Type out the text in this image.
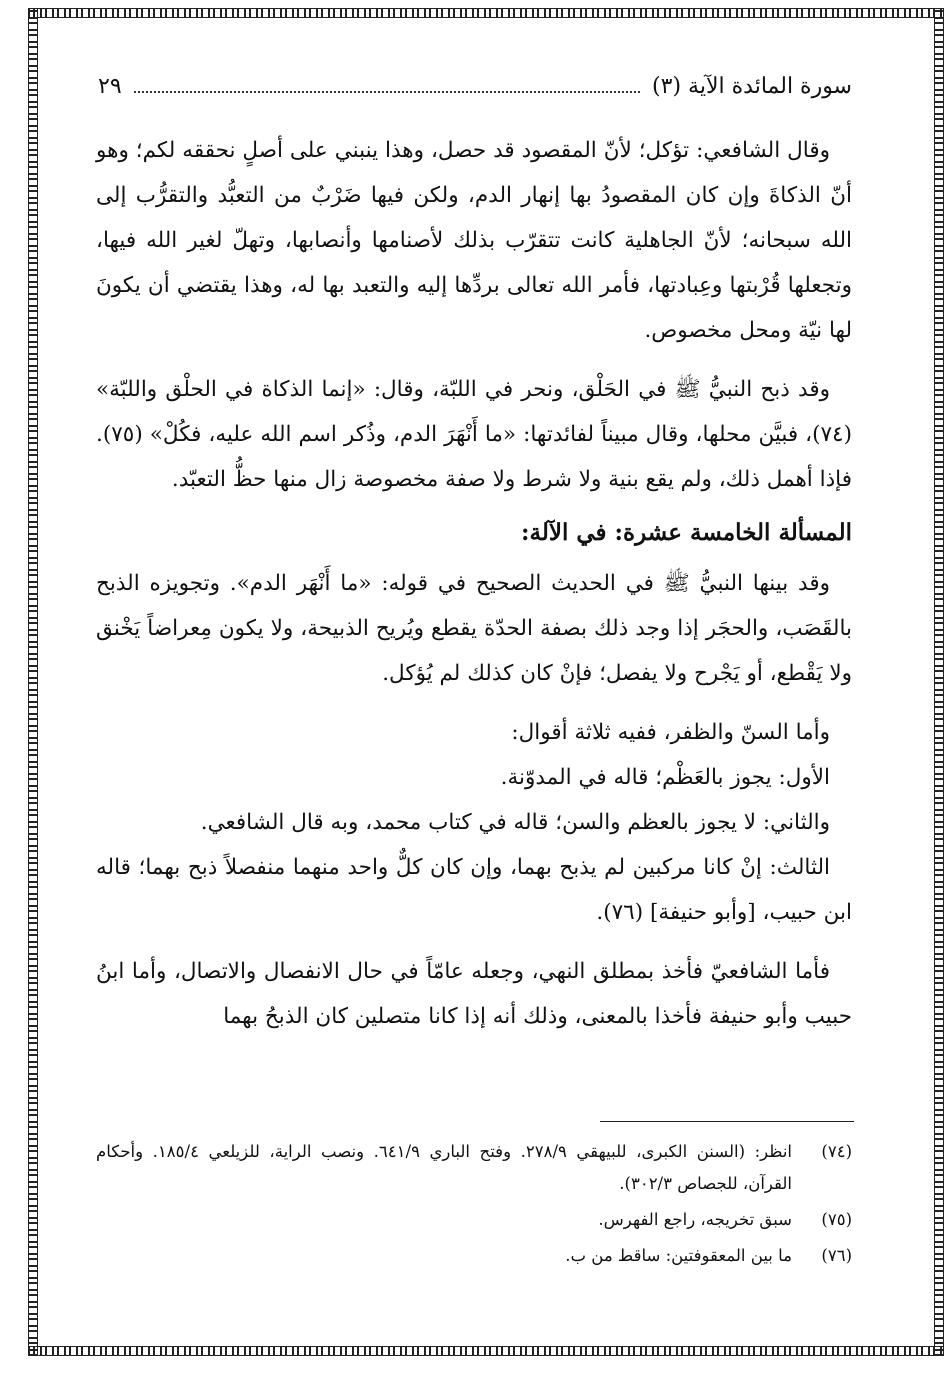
سورة المائدة الآية (٣)
٢٩

وقال الشافعي: تؤكل؛ لأنّ المقصود قد حصل، وهذا ينبني على أصلٍ نحققه لكم؛ وهو أنّ الذكاةَ وإن كان المقصودُ بها إنهار الدم، ولكن فيها ضَرْبٌ من التعبُّد والتقرُّب إلى الله سبحانه؛ لأنّ الجاهلية كانت تتقرّب بذلك لأصنامها وأنصابها، وتهلّ لغير الله فيها، وتجعلها قُرْبتها وعِبادتها، فأمر الله تعالى بردِّها إليه والتعبد بها له، وهذا يقتضي أن يكونَ لها نيّة ومحل مخصوص.

وقد ذبح النبيُّ ﷺ في الحَلْق، ونحر في اللبّة، وقال: «إنما الذكاة في الحلْق واللبّة» (٧٤)، فبيَّن محلها، وقال مبيناً لفائدتها: «ما أَنْهَرَ الدم، وذُكر اسم الله عليه، فكُلْ» (٧٥). فإذا أهمل ذلك، ولم يقع بنية ولا شرط ولا صفة مخصوصة زال منها حظُّ التعبّد.

المسألة الخامسة عشرة: في الآلة:

وقد بينها النبيُّ ﷺ في الحديث الصحيح في قوله: «ما أَنْهَر الدم». وتجويزه الذبح بالقَصَب، والحجَر إذا وجد ذلك بصفة الحدّة يقطع ويُريح الذبيحة، ولا يكون مِعراضاً يَخْنق ولا يَقْطع، أو يَجْرح ولا يفصل؛ فإنْ كان كذلك لم يُؤكل.

وأما السنّ والظفر، ففيه ثلاثة أقوال:

الأول: يجوز بالعَظْم؛ قاله في المدوّنة.

والثاني: لا يجوز بالعظم والسن؛ قاله في كتاب محمد، وبه قال الشافعي.

الثالث: إنْ كانا مركبين لم يذبح بهما، وإن كان كلٌّ واحد منهما منفصلاً ذبح بهما؛ قاله ابن حبيب، [وأبو حنيفة] (٧٦).

فأما الشافعيّ فأخذ بمطلق النهي، وجعله عامّاً في حال الانفصال والاتصال، وأما ابنُ حبيب وأبو حنيفة فأخذا بالمعنى، وذلك أنه إذا كانا متصلين كان الذبحُ بهما

(٧٤)
انظر: (السنن الكبرى، للبيهقي ٢٧٨/٩. وفتح الباري ٦٤١/٩. ونصب الراية، للزيلعي ١٨٥/٤. وأحكام القرآن، للجصاص ٣٠٢/٣).
(٧٥)
سبق تخريجه، راجع الفهرس.
(٧٦)
ما بين المعقوفتين: ساقط من ب.
